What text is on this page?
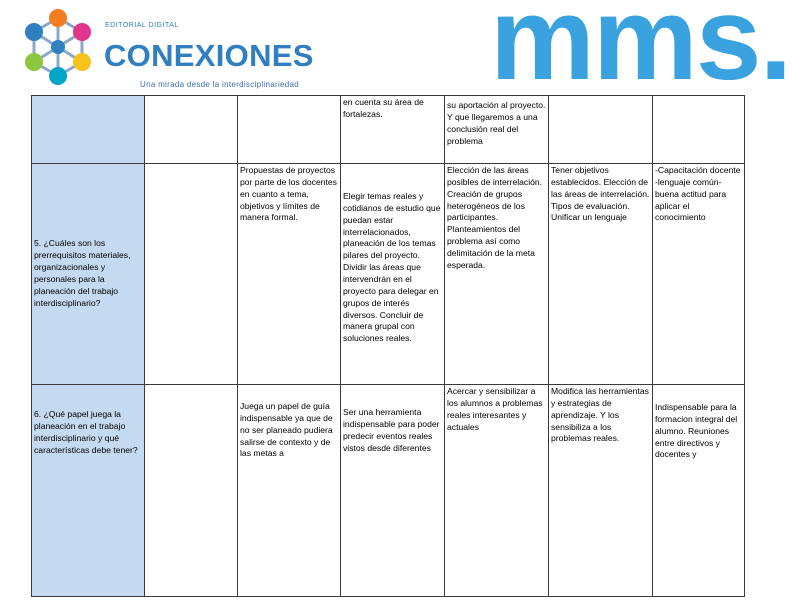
EDITORIAL DIGITAL
CONEXIONES
Una mirada desde la interdisciplinariedad mms.

			en cuenta su área de fortalezas.	su aportación al proyecto. Y que llegaremos a una conclusión real del problema		

5. ¿Cuáles son los prerrequisitos materiales, organizacionales y personales para la planeación del trabajo interdisciplinario?		Propuestas de proyectos por parte de los docentes en cuanto a tema, objetivos y límites de manera formal.	Elegir temas reales y cotidianos de estudio que puedan estar interrelacionados, planeación de los temas pilares del proyecto. Dividir las áreas que intervendrán en el proyecto para delegar en grupos de interés diversos. Concluir de manera grupal con soluciones reales.	Elección de las áreas posibles de interrelación. Creación de grupos heterogéneos de los participantes. Planteamientos del problema así como delimitación de la meta esperada.	Tener objetivos establecidos. Elección de las áreas de interrelación. Tipos de evaluación. Unificar un lenguaje	-Capacitación docente -lenguaje común-buena actitud para aplicar el conocimiento

6. ¿Qué papel juega la planeación en el trabajo interdisciplinario y qué características debe tener?		Juega un papel de guía indispensable ya que de no ser planeado pudiera salirse de contexto y de las metas a	Ser una herramienta indispensable para poder predecir eventos reales vistos desde diferentes	Acercar y sensibilizar a los alumnos a problemas reales interesantes y actuales	Modifica las herramientas y estrategias de aprendizaje. Y los sensibiliza a los problemas reales.	Indispensable para la formacion integral del alumno. Reuniones entre directivos y docentes y
